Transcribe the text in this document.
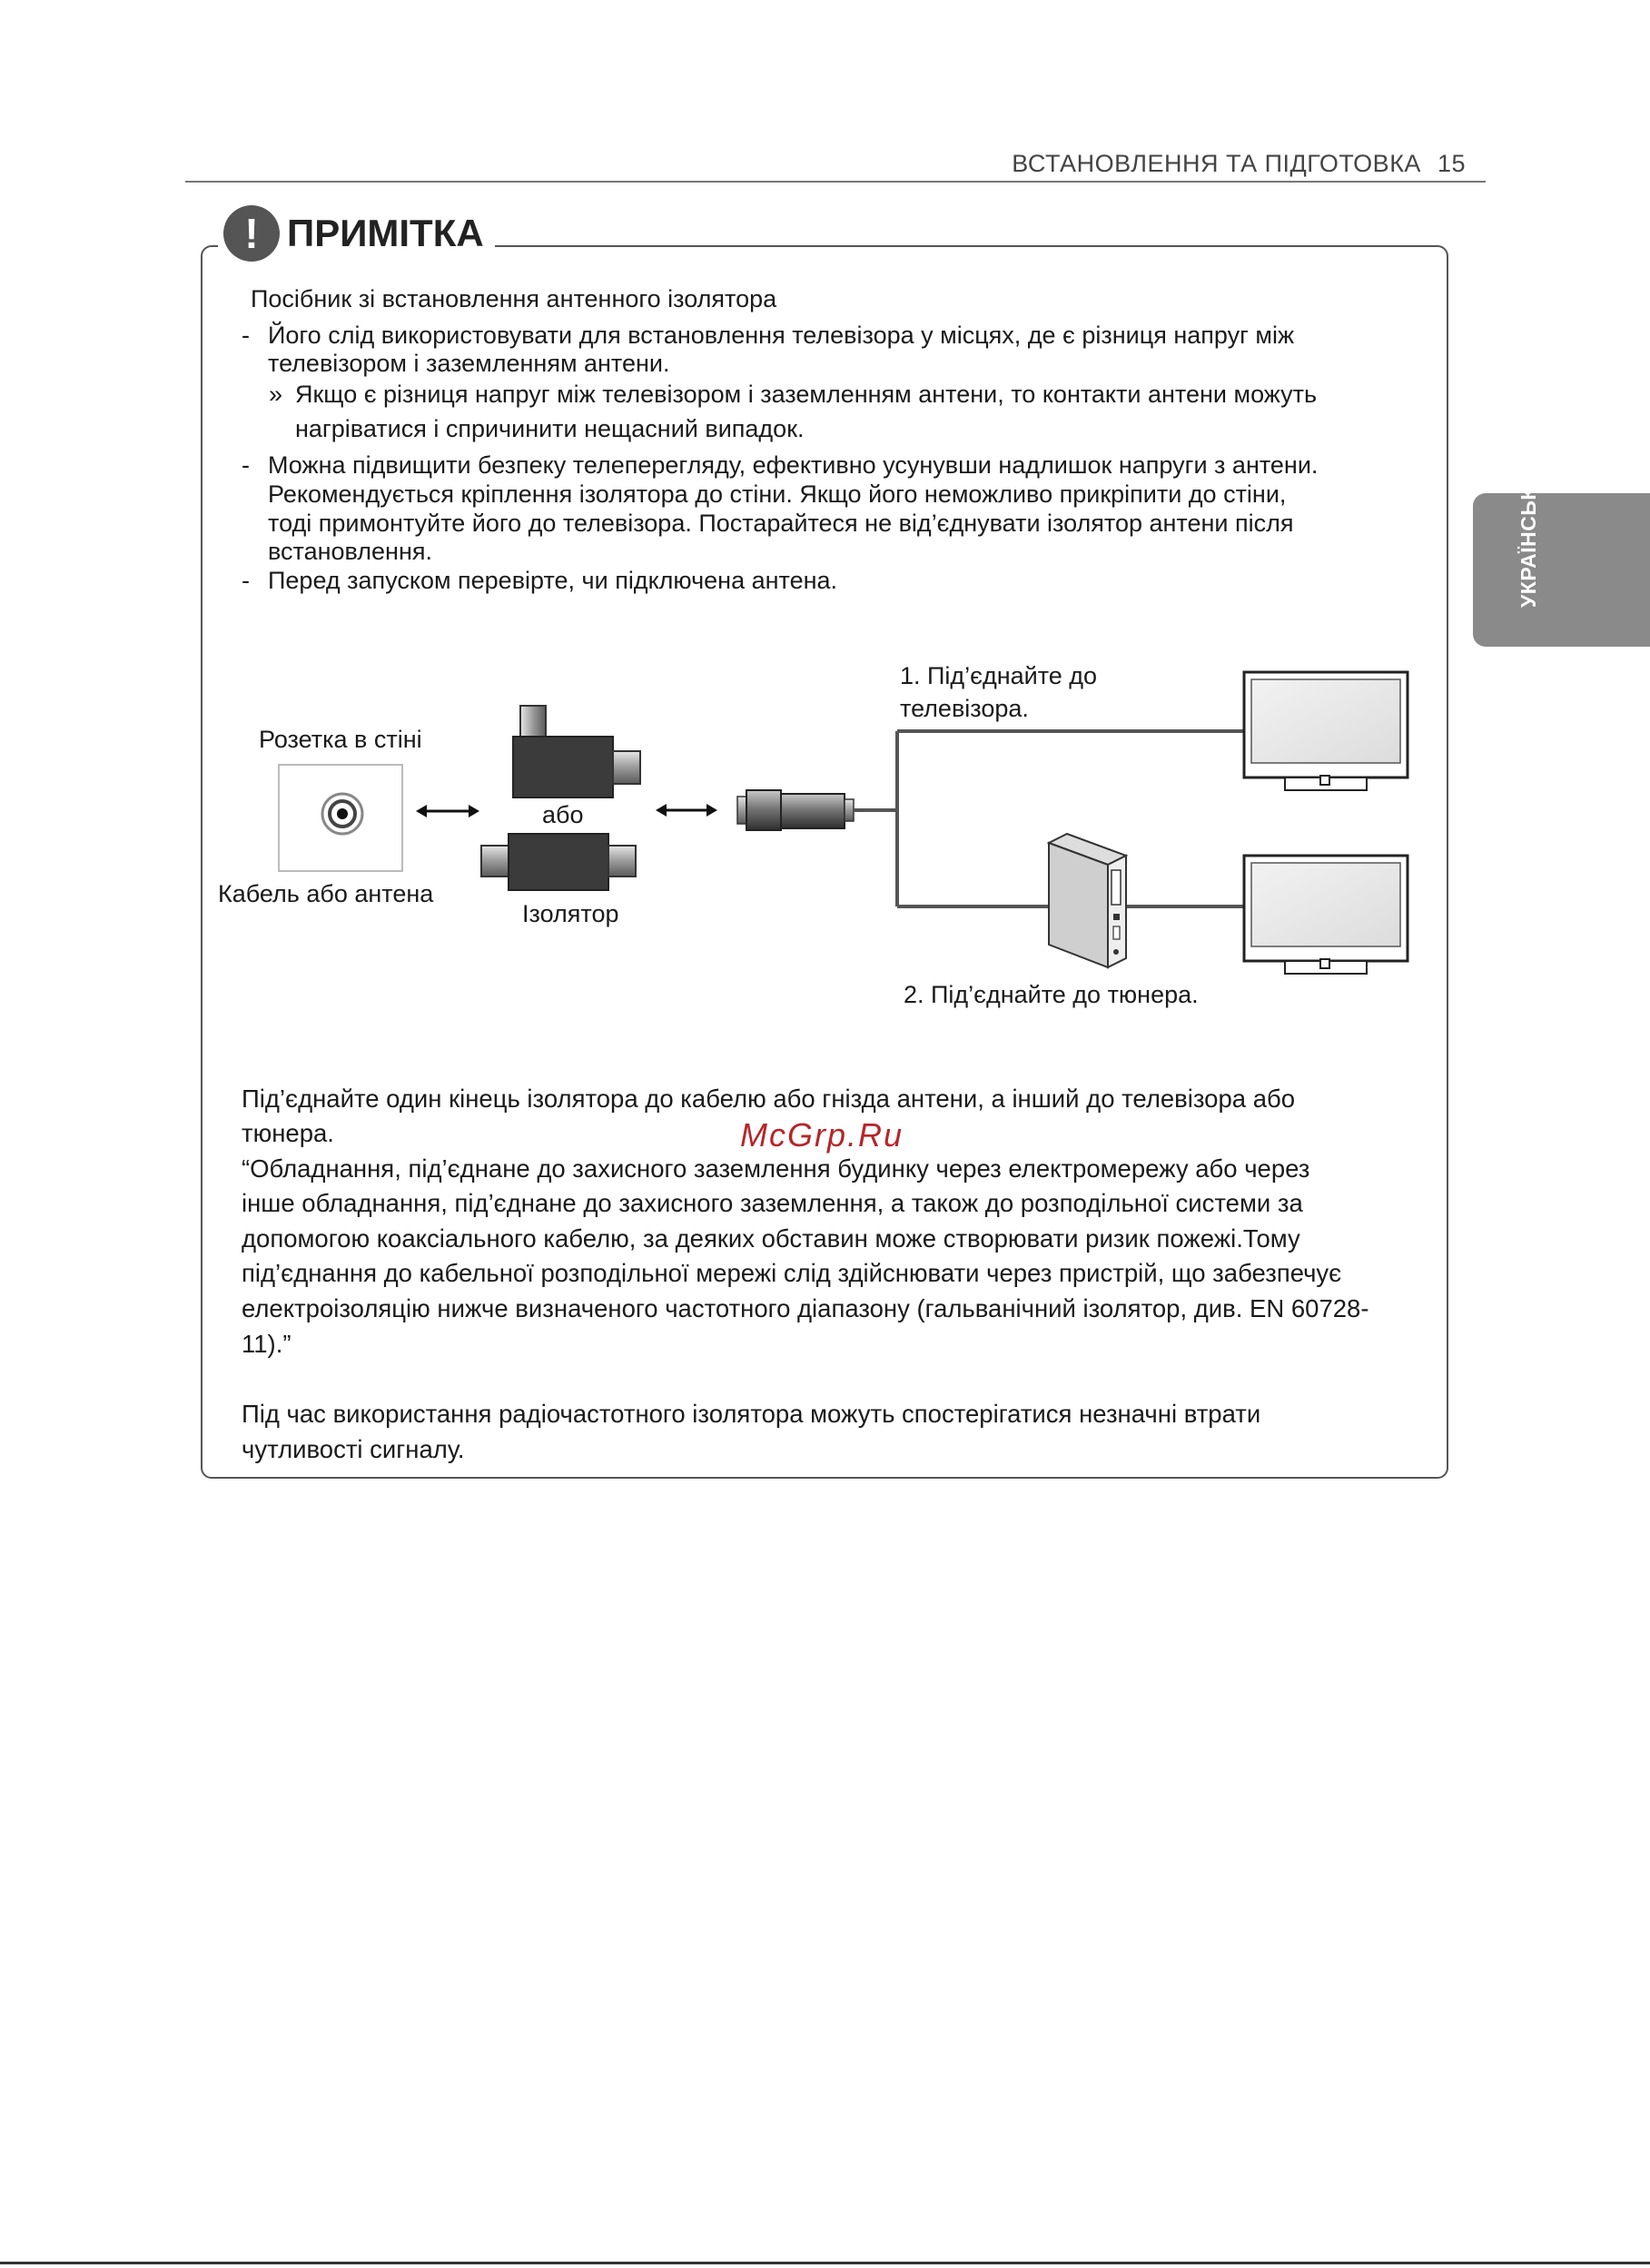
ВСТАНОВЛЕННЯ ТА ПІДГОТОВКА 15
УКРАЇНСЬКА
! ПРИМІТКА
Посібник зі встановлення антенного ізолятора
- Його слід використовувати для встановлення телевізора у місцях, де є різниця напруг між
телевізором і заземленням антени.
» Якщо є різниця напруг між телевізором і заземленням антени, то контакти антени можуть
нагріватися і спричинити нещасний випадок.
- Можна підвищити безпеку телеперегляду, ефективно усунувши надлишок напруги з антени.
Рекомендується кріплення ізолятора до стіни. Якщо його неможливо прикріпити до стіни,
тоді примонтуйте його до телевізора. Постарайтеся не від’єднувати ізолятор антени після
встановлення.
- Перед запуском перевірте, чи підключена антена.
Розетка в стіні
Кабель або антена
або
Ізолятор
1. Під’єднайте до
телевізора.
2. Під’єднайте до тюнера.
Під’єднайте один кінець ізолятора до кабелю або гнізда антени, а інший до телевізора або
тюнера.	McGrp.Ru
“Обладнання, під’єднане до захисного заземлення будинку через електромережу або через
інше обладнання, під’єднане до захисного заземлення, а також до розподільної системи за
допомогою коаксіального кабелю, за деяких обставин може створювати ризик пожежі.Тому
під’єднання до кабельної розподільної мережі слід здійснювати через пристрій, що забезпечує
електроізоляцію нижче визначеного частотного діапазону (гальванічний ізолятор, див. EN 60728-
11).”
Під час використання радіочастотного ізолятора можуть спостерігатися незначні втрати
чутливості сигналу.
